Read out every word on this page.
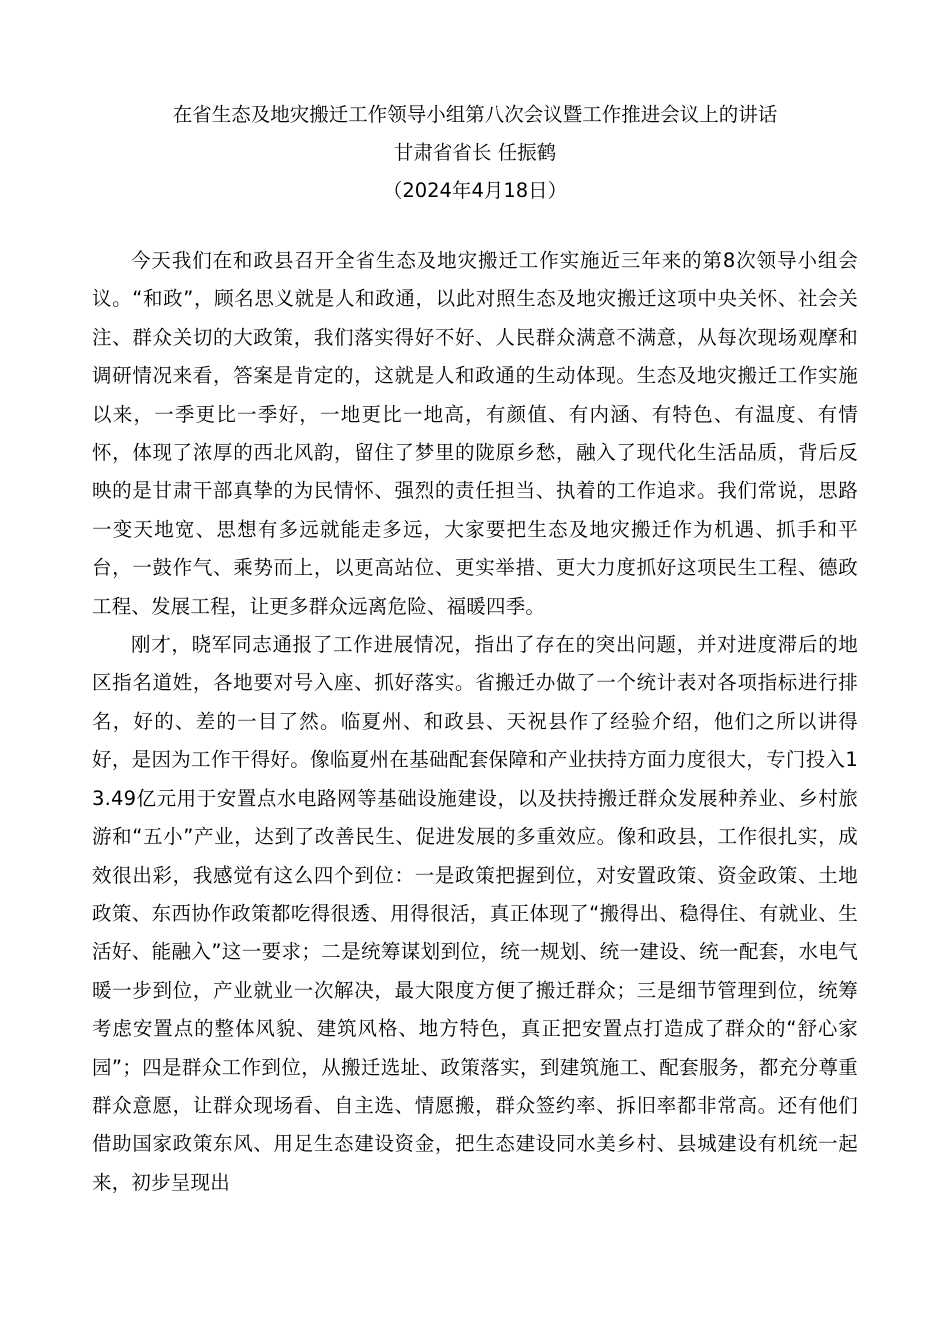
在省生态及地灾搬迁工作领导小组第八次会议暨工作推进会议上的讲话
甘肃省省长 任振鹤
（2024年4月18日）

今天我们在和政县召开全省生态及地灾搬迁工作实施近三年来的第8次领导小组会议。“和政”，顾名思义就是人和政通，以此对照生态及地灾搬迁这项中央关怀、社会关注、群众关切的大政策，我们落实得好不好、人民群众满意不满意，从每次现场观摩和调研情况来看，答案是肯定的，这就是人和政通的生动体现。生态及地灾搬迁工作实施以来，一季更比一季好，一地更比一地高，有颜值、有内涵、有特色、有温度、有情怀，体现了浓厚的西北风韵，留住了梦里的陇原乡愁，融入了现代化生活品质，背后反映的是甘肃干部真挚的为民情怀、强烈的责任担当、执着的工作追求。我们常说，思路一变天地宽、思想有多远就能走多远，大家要把生态及地灾搬迁作为机遇、抓手和平台，一鼓作气、乘势而上，以更高站位、更实举措、更大力度抓好这项民生工程、德政工程、发展工程，让更多群众远离危险、福暖四季。

刚才，晓军同志通报了工作进展情况，指出了存在的突出问题，并对进度滞后的地区指名道姓，各地要对号入座、抓好落实。省搬迁办做了一个统计表对各项指标进行排名，好的、差的一目了然。临夏州、和政县、天祝县作了经验介绍，他们之所以讲得好，是因为工作干得好。像临夏州在基础配套保障和产业扶持方面力度很大，专门投入13.49亿元用于安置点水电路网等基础设施建设，以及扶持搬迁群众发展种养业、乡村旅游和“五小”产业，达到了改善民生、促进发展的多重效应。像和政县，工作很扎实，成效很出彩，我感觉有这么四个到位：一是政策把握到位，对安置政策、资金政策、土地政策、东西协作政策都吃得很透、用得很活，真正体现了“搬得出、稳得住、有就业、生活好、能融入”这一要求；二是统筹谋划到位，统一规划、统一建设、统一配套，水电气暖一步到位，产业就业一次解决，最大限度方便了搬迁群众；三是细节管理到位，统筹考虑安置点的整体风貌、建筑风格、地方特色，真正把安置点打造成了群众的“舒心家园”；四是群众工作到位，从搬迁选址、政策落实，到建筑施工、配套服务，都充分尊重群众意愿，让群众现场看、自主选、情愿搬，群众签约率、拆旧率都非常高。还有他们借助国家政策东风、用足生态建设资金，把生态建设同水美乡村、县城建设有机统一起来，初步呈现出
